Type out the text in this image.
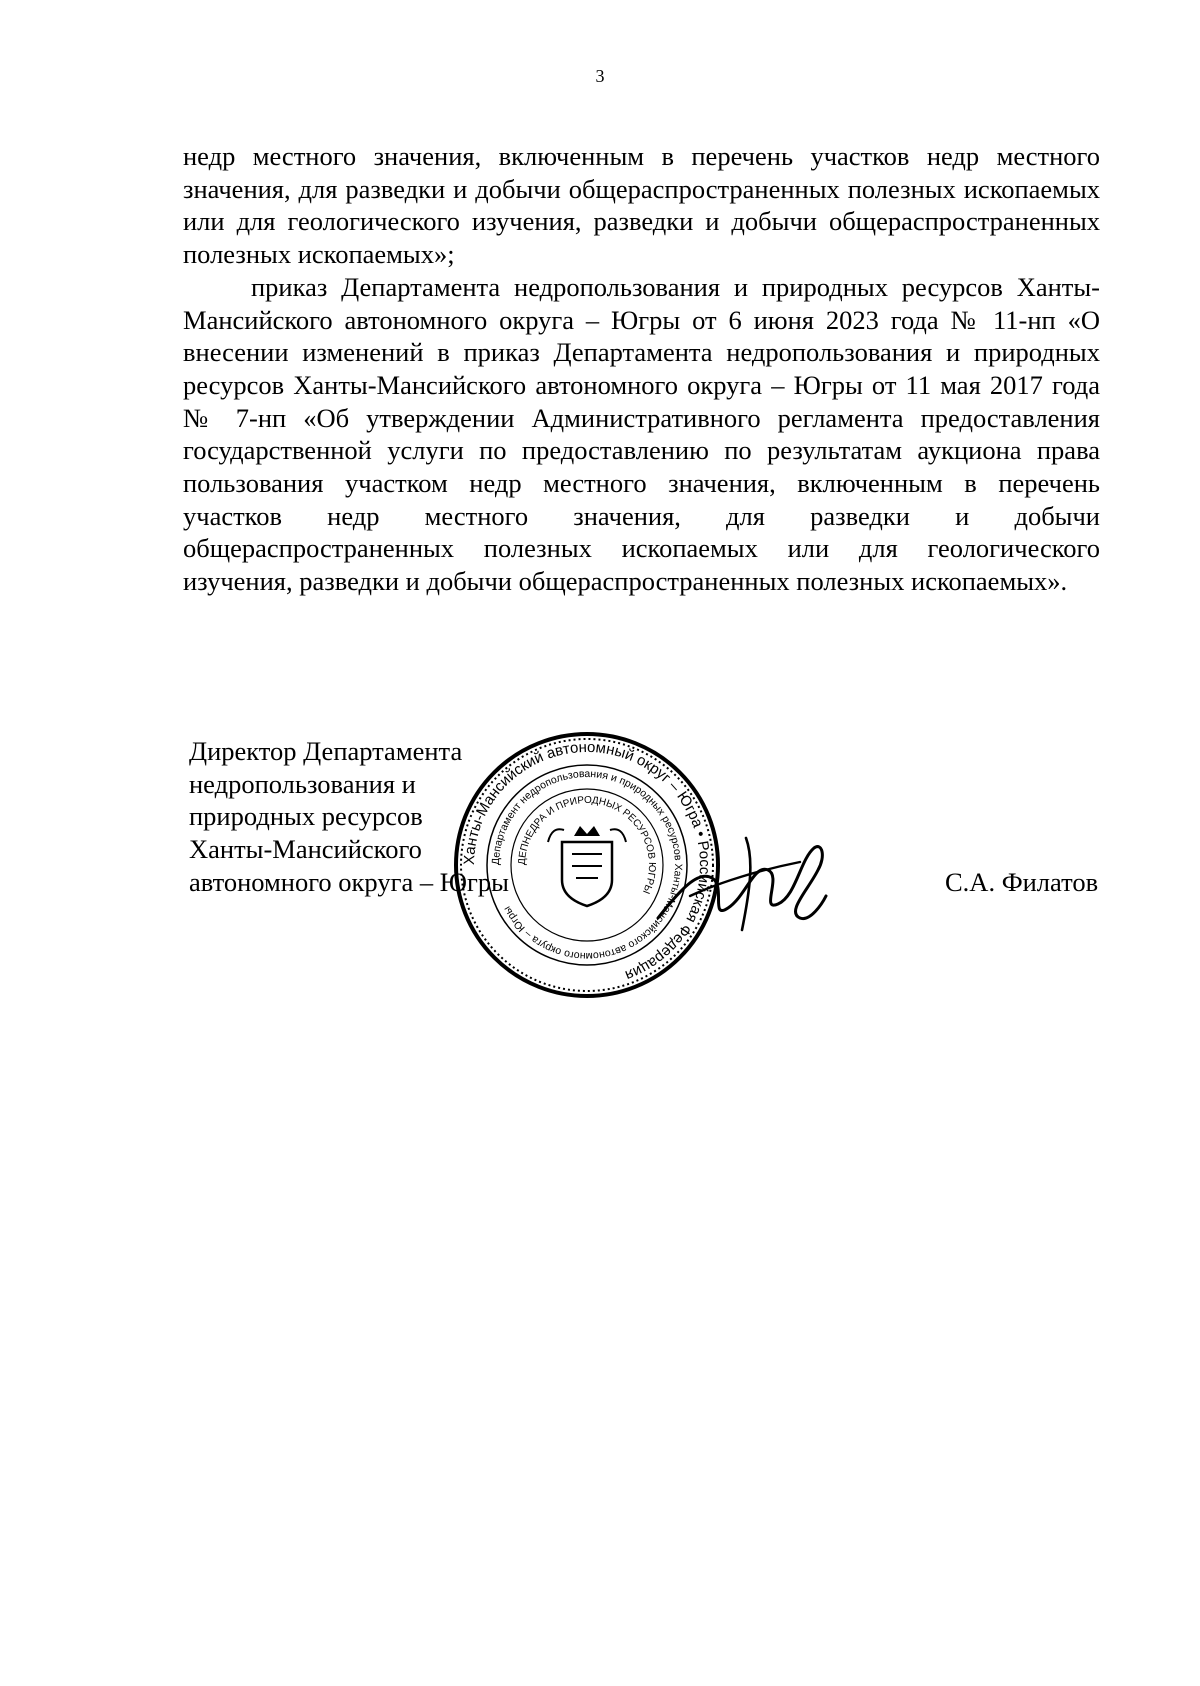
3

недр местного значения, включенным в перечень участков недр местного значения, для разведки и добычи общераспространенных полезных ископаемых или для геологического изучения, разведки и добычи общераспространенных полезных ископаемых»;

приказ Департамента недропользования и природных ресурсов Ханты-Мансийского автономного округа – Югры от 6 июня 2023 года № 11-нп «О внесении изменений в приказ Департамента недропользования и природных ресурсов Ханты-Мансийского автономного округа – Югры от 11 мая 2017 года № 7-нп «Об утверждении Административного регламента предоставления государственной услуги по предоставлению по результатам аукциона права пользования участком недр местного значения, включенным в перечень участков недр местного значения, для разведки и добычи общераспространенных полезных ископаемых или для геологического изучения, разведки и добычи общераспространенных полезных ископаемых».

Директор Департамента
недропользования и
природных ресурсов
Ханты-Мансийского
автономного округа – Югры	С.А. Филатов
Ханты-Мансийский автономный округ – Югра • Российская Федерация
Департамент недропользования и природных ресурсов Ханты-Мансийского автономного округа – Югры
ДЕПНЕДРА И ПРИРОДНЫХ РЕСУРСОВ ЮГРЫ
